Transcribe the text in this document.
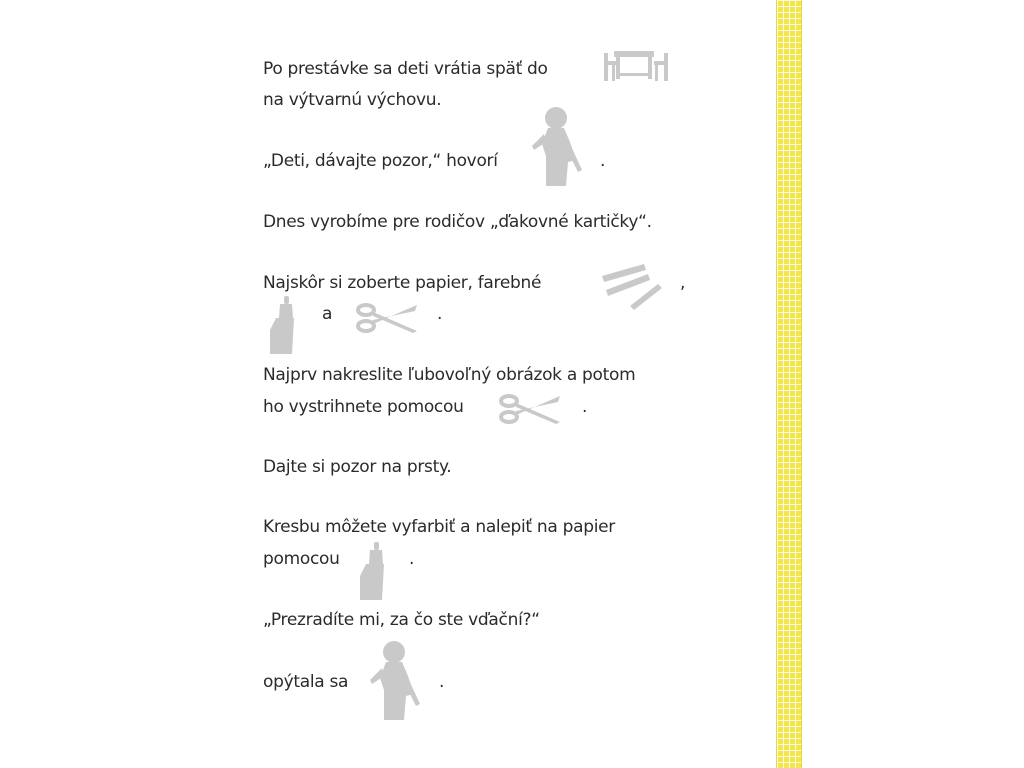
Po prestávke sa deti vrátia späť do

na výtvarnú výchovu.

„Deti, dávajte pozor,“ hovorí	.

Dnes vyrobíme pre rodičov „ďakovné kartičky“.

Najskôr si zoberte papier, farebné	,

a	.

Najprv nakreslite ľubovoľný obrázok a potom

ho vystrihnete pomocou	.

Dajte si pozor na prsty.

Kresbu môžete vyfarbiť a nalepiť na papier

pomocou	.

„Prezradíte mi, za čo ste vďační?“

opýtala sa	.
